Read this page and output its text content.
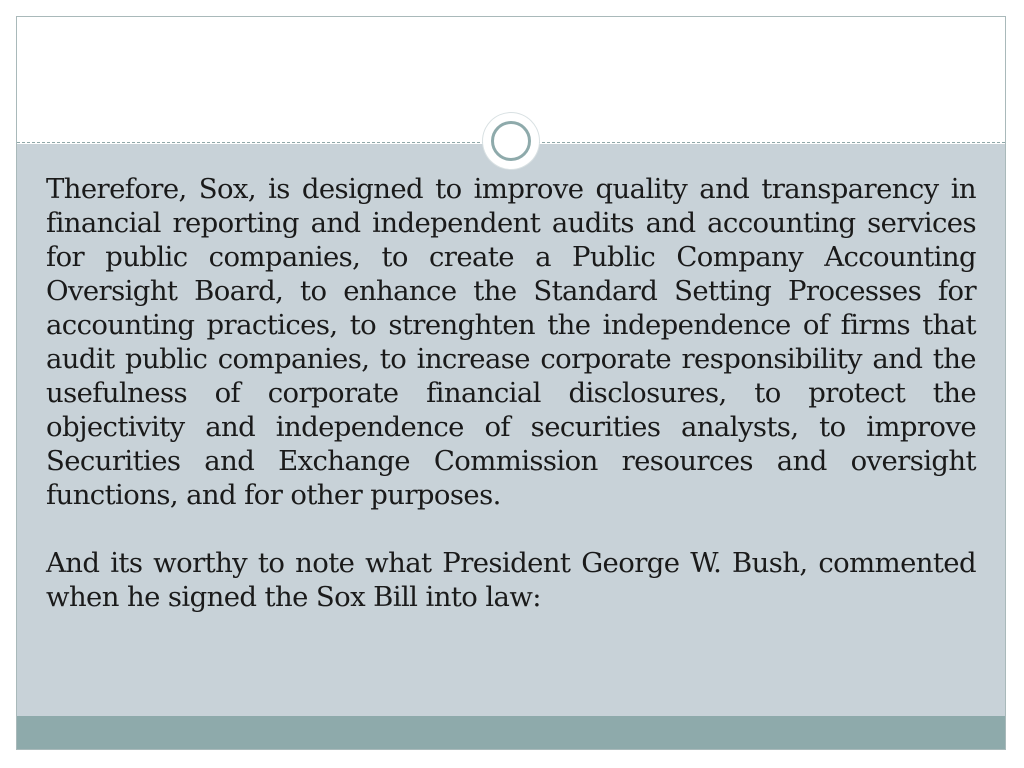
Therefore, Sox, is designed to improve quality and transparency in financial reporting and independent audits and accounting services for public companies, to create a Public Company Accounting Oversight Board, to enhance the Standard Setting Processes for accounting practices, to strenghten the independence of firms that audit public companies, to increase corporate responsibility and the usefulness of corporate financial disclosures, to protect the objectivity and independence of securities analysts, to improve Securities and Exchange Commission resources and oversight functions, and for other purposes.

And its worthy to note what President George W. Bush, commented when he signed the Sox Bill into law:
